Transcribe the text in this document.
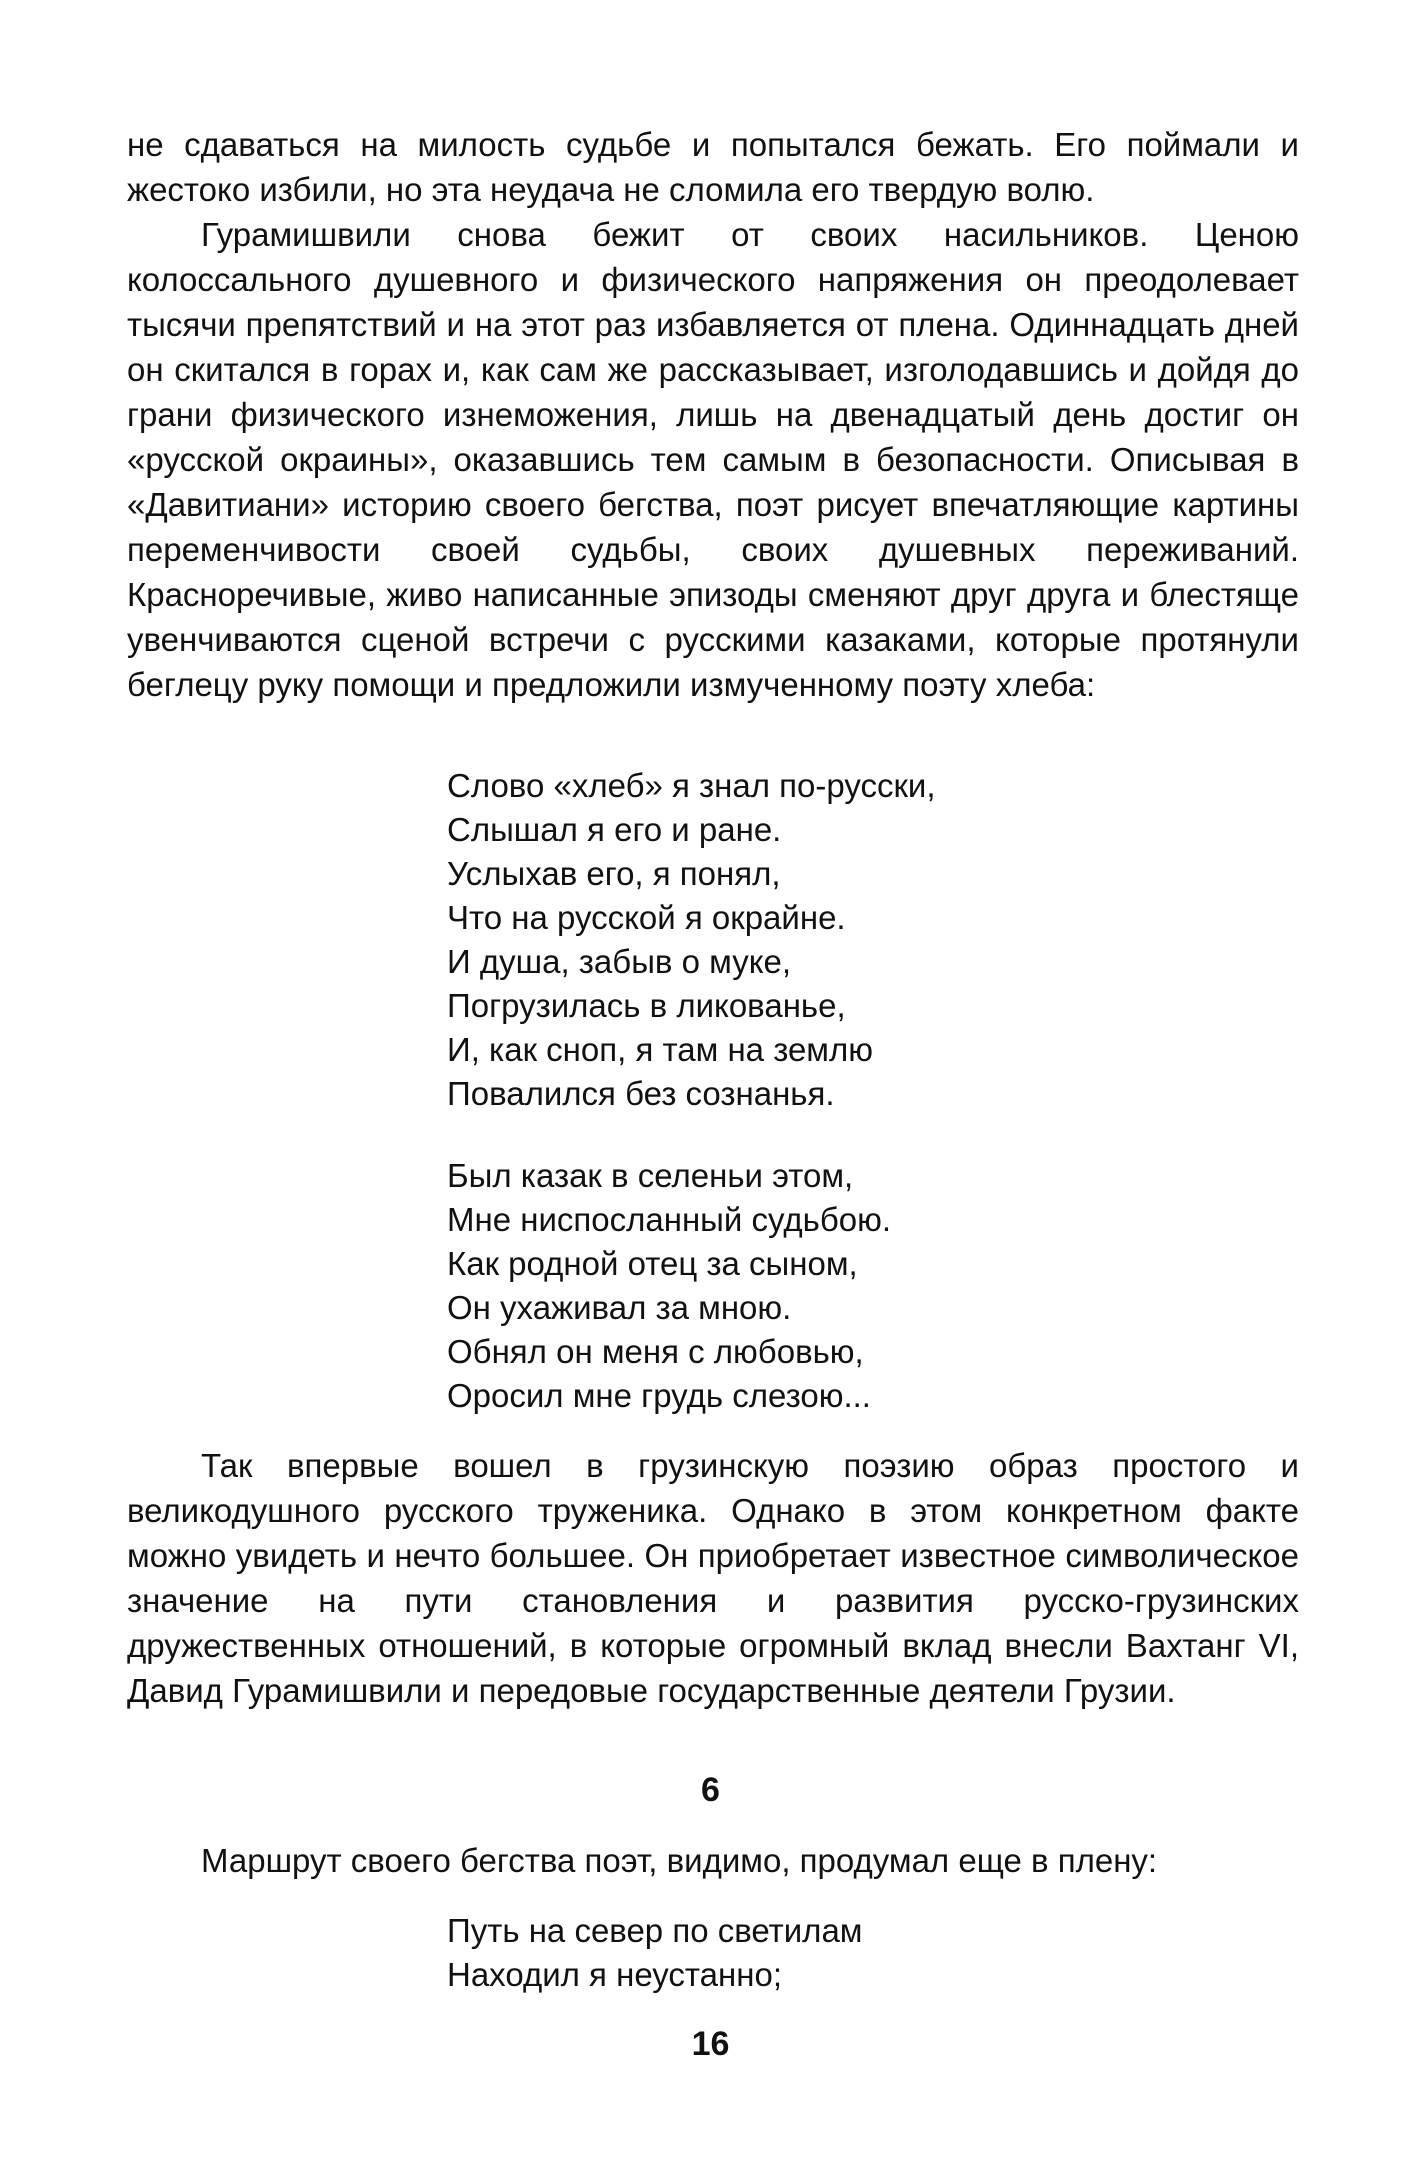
не сдаваться на милость судьбе и попытался бежать. Его поймали и жестоко избили, но эта неудача не сломила его твердую волю.

Гурамишвили снова бежит от своих насильников. Ценою колоссального душевного и физического напряжения он преодолевает тысячи препятствий и на этот раз избавляется от плена. Одиннадцать дней он скитался в горах и, как сам же рассказывает, изголодавшись и дойдя до грани физического изнеможения, лишь на двенадцатый день достиг он «русской окраины», оказавшись тем самым в безопасности. Описывая в «Давитиани» историю своего бегства, поэт рисует впечатляющие картины переменчивости своей судьбы, своих душевных переживаний. Красноречивые, живо написанные эпизоды сменяют друг друга и блестяще увенчиваются сценой встречи с русскими казаками, которые протянули беглецу руку помощи и предложили измученному поэту хлеба:

Слово «хлеб» я знал по-русски,
Слышал я его и ране.
Услыхав его, я понял,
Что на русской я окрайне.
И душа, забыв о муке,
Погрузилась в ликованье,
И, как сноп, я там на землю
Повалился без сознанья.
Был казак в селеньи этом,
Мне ниспосланный судьбою.
Как родной отец за сыном,
Он ухаживал за мною.
Обнял он меня с любовью,
Оросил мне грудь слезою...

Так впервые вошел в грузинскую поэзию образ простого и великодушного русского труженика. Однако в этом конкретном факте можно увидеть и нечто большее. Он приобретает известное символическое значение на пути становления и развития русско-грузинских дружественных отношений, в которые огромный вклад внесли Вахтанг VI, Давид Гурамишвили и передовые государственные деятели Грузии.

6

Маршрут своего бегства поэт, видимо, продумал еще в плену:

Путь на север по светилам
Находил я неустанно;
16
